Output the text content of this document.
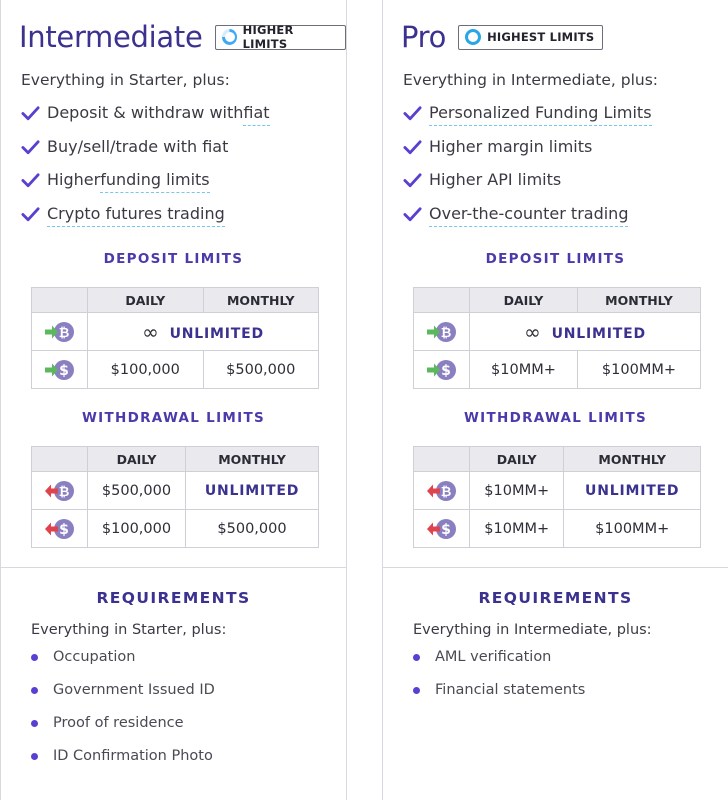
Intermediate	HIGHER LIMITS
Everything in Starter, plus:
Deposit & withdraw with fiat
Buy/sell/trade with fiat
Higher funding limits
Crypto futures trading
DEPOSIT LIMITS
	DAILY	MONTHLY
	∞ UNLIMITED	
	$100,000	$500,000
WITHDRAWAL LIMITS
	DAILY	MONTHLY
	$500,000	UNLIMITED
	$100,000	$500,000
REQUIREMENTS
Everything in Starter, plus:
Occupation
Government Issued ID
Proof of residence
ID Confirmation Photo
Pro	HIGHEST LIMITS
Everything in Intermediate, plus:
Personalized Funding Limits
Higher margin limits
Higher API limits
Over-the-counter trading
DEPOSIT LIMITS
	DAILY	MONTHLY
	∞ UNLIMITED	
	$10MM+	$100MM+
WITHDRAWAL LIMITS
	DAILY	MONTHLY
	$10MM+	UNLIMITED
	$10MM+	$100MM+
REQUIREMENTS
Everything in Intermediate, plus:
AML verification
Financial statements
